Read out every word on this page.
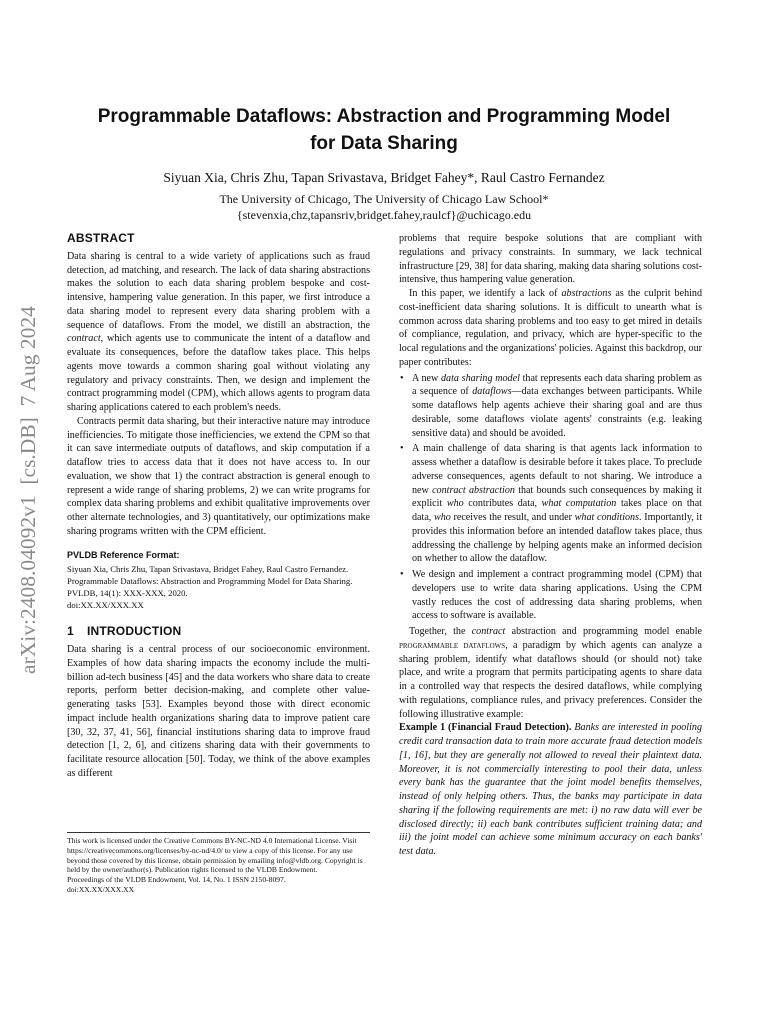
arXiv:2408.04092v1  [cs.DB]  7 Aug 2024
Programmable Dataflows: Abstraction and Programming Model
for Data Sharing

Siyuan Xia, Chris Zhu, Tapan Srivastava, Bridget Fahey*, Raul Castro Fernandez

The University of Chicago, The University of Chicago Law School*
{stevenxia,chz,tapansriv,bridget.fahey,raulcf}@uchicago.edu

ABSTRACT

Data sharing is central to a wide variety of applications such as fraud detection, ad matching, and research. The lack of data sharing abstractions makes the solution to each data sharing problem bespoke and cost-intensive, hampering value generation. In this paper, we first introduce a data sharing model to represent every data sharing problem with a sequence of dataflows. From the model, we distill an abstraction, the contract, which agents use to communicate the intent of a dataflow and evaluate its consequences, before the dataflow takes place. This helps agents move towards a common sharing goal without violating any regulatory and privacy constraints. Then, we design and implement the contract programming model (CPM), which allows agents to program data sharing applications catered to each problem's needs.

Contracts permit data sharing, but their interactive nature may introduce inefficiencies. To mitigate those inefficiencies, we extend the CPM so that it can save intermediate outputs of dataflows, and skip computation if a dataflow tries to access data that it does not have access to. In our evaluation, we show that 1) the contract abstraction is general enough to represent a wide range of sharing problems, 2) we can write programs for complex data sharing problems and exhibit qualitative improvements over other alternate technologies, and 3) quantitatively, our optimizations make sharing programs written with the CPM efficient.

PVLDB Reference Format:

Siyuan Xia, Chris Zhu, Tapan Srivastava, Bridget Fahey, Raul Castro Fernandez. Programmable Dataflows: Abstraction and Programming Model for Data Sharing. PVLDB, 14(1): XXX-XXX, 2020.

doi:XX.XX/XXX.XX

1 INTRODUCTION

Data sharing is a central process of our socioeconomic environment. Examples of how data sharing impacts the economy include the multi-billion ad-tech business [45] and the data workers who share data to create reports, perform better decision-making, and complete other value-generating tasks [53]. Examples beyond those with direct economic impact include health organizations sharing data to improve patient care [30, 32, 37, 41, 56], financial institutions sharing data to improve fraud detection [1, 2, 6], and citizens sharing data with their governments to facilitate resource allocation [50]. Today, we think of the above examples as different

This work is licensed under the Creative Commons BY-NC-ND 4.0 International License. Visit https://creativecommons.org/licenses/by-nc-nd/4.0/ to view a copy of this license. For any use beyond those covered by this license, obtain permission by emailing info@vldb.org. Copyright is held by the owner/author(s). Publication rights licensed to the VLDB Endowment.

Proceedings of the VLDB Endowment, Vol. 14, No. 1 ISSN 2150-8097.

doi:XX.XX/XXX.XX

problems that require bespoke solutions that are compliant with regulations and privacy constraints. In summary, we lack technical infrastructure [29, 38] for data sharing, making data sharing solutions cost-intensive, thus hampering value generation.

In this paper, we identify a lack of abstractions as the culprit behind cost-inefficient data sharing solutions. It is difficult to unearth what is common across data sharing problems and too easy to get mired in details of compliance, regulation, and privacy, which are hyper-specific to the local regulations and the organizations' policies. Against this backdrop, our paper contributes:

• A new data sharing model that represents each data sharing problem as a sequence of dataflows—data exchanges between participants. While some dataflows help agents achieve their sharing goal and are thus desirable, some dataflows violate agents' constraints (e.g. leaking sensitive data) and should be avoided.
• A main challenge of data sharing is that agents lack information to assess whether a dataflow is desirable before it takes place. To preclude adverse consequences, agents default to not sharing. We introduce a new contract abstraction that bounds such consequences by making it explicit who contributes data, what computation takes place on that data, who receives the result, and under what conditions. Importantly, it provides this information before an intended dataflow takes place, thus addressing the challenge by helping agents make an informed decision on whether to allow the dataflow.
• We design and implement a contract programming model (CPM) that developers use to write data sharing applications. Using the CPM vastly reduces the cost of addressing data sharing problems, when access to software is available.

Together, the contract abstraction and programming model enable programmable dataflows, a paradigm by which agents can analyze a sharing problem, identify what dataflows should (or should not) take place, and write a program that permits participating agents to share data in a controlled way that respects the desired dataflows, while complying with regulations, compliance rules, and privacy preferences. Consider the following illustrative example:

Example 1 (Financial Fraud Detection). Banks are interested in pooling credit card transaction data to train more accurate fraud detection models [1, 16], but they are generally not allowed to reveal their plaintext data. Moreover, it is not commercially interesting to pool their data, unless every bank has the guarantee that the joint model benefits themselves, instead of only helping others. Thus, the banks may participate in data sharing if the following requirements are met: i) no raw data will ever be disclosed directly; ii) each bank contributes sufficient training data; and iii) the joint model can achieve some minimum accuracy on each banks' test data.
